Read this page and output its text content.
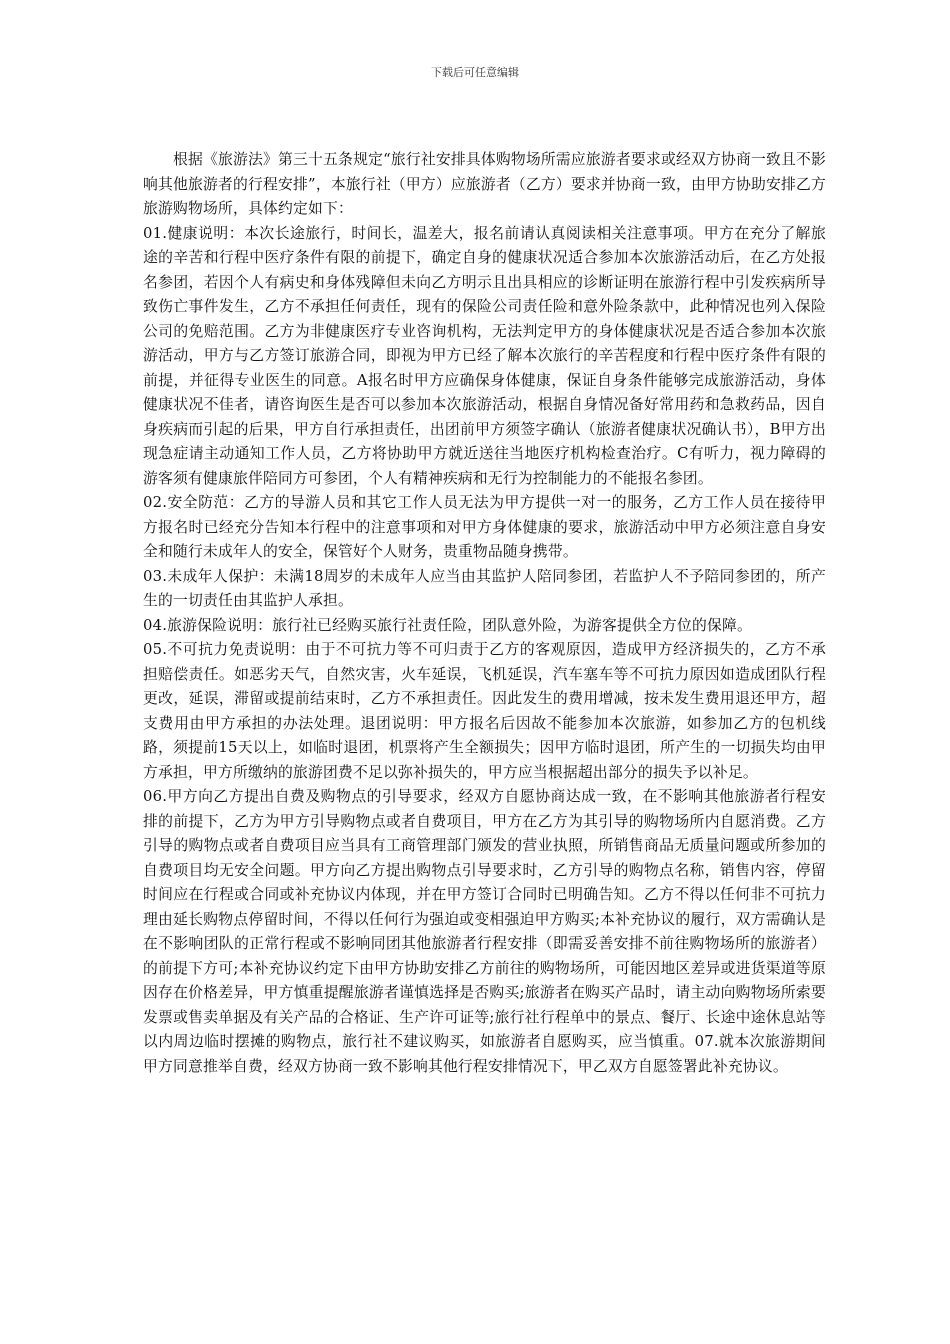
下载后可任意编辑

根据《旅游法》第三十五条规定“旅行社安排具体购物场所需应旅游者要求或经双方协商一致且不影响其他旅游者的行程安排”，本旅行社（甲方）应旅游者（乙方）要求并协商一致，由甲方协助安排乙方旅游购物场所，具体约定如下：

01.健康说明：本次长途旅行，时间长，温差大，报名前请认真阅读相关注意事项。甲方在充分了解旅途的辛苦和行程中医疗条件有限的前提下，确定自身的健康状况适合参加本次旅游活动后，在乙方处报名参团，若因个人有病史和身体残障但未向乙方明示且出具相应的诊断证明在旅游行程中引发疾病所导致伤亡事件发生，乙方不承担任何责任，现有的保险公司责任险和意外险条款中，此种情况也列入保险公司的免赔范围。乙方为非健康医疗专业咨询机构，无法判定甲方的身体健康状况是否适合参加本次旅游活动，甲方与乙方签订旅游合同，即视为甲方已经了解本次旅行的辛苦程度和行程中医疗条件有限的前提，并征得专业医生的同意。A报名时甲方应确保身体健康，保证自身条件能够完成旅游活动，身体健康状况不佳者，请咨询医生是否可以参加本次旅游活动，根据自身情况备好常用药和急救药品，因自身疾病而引起的后果，甲方自行承担责任，出团前甲方须签字确认（旅游者健康状况确认书），B甲方出现急症请主动通知工作人员，乙方将协助甲方就近送往当地医疗机构检查治疗。C有听力，视力障碍的游客须有健康旅伴陪同方可参团，个人有精神疾病和无行为控制能力的不能报名参团。

02.安全防范：乙方的导游人员和其它工作人员无法为甲方提供一对一的服务，乙方工作人员在接待甲方报名时已经充分告知本行程中的注意事项和对甲方身体健康的要求，旅游活动中甲方必须注意自身安全和随行未成年人的安全，保管好个人财务，贵重物品随身携带。

03.未成年人保护：未满18周岁的未成年人应当由其监护人陪同参团，若监护人不予陪同参团的，所产生的一切责任由其监护人承担。

04.旅游保险说明：旅行社已经购买旅行社责任险，团队意外险，为游客提供全方位的保障。

05.不可抗力免责说明：由于不可抗力等不可归责于乙方的客观原因，造成甲方经济损失的，乙方不承担赔偿责任。如恶劣天气，自然灾害，火车延误，飞机延误，汽车塞车等不可抗力原因如造成团队行程更改，延误，滞留或提前结束时，乙方不承担责任。因此发生的费用增减，按未发生费用退还甲方，超支费用由甲方承担的办法处理。退团说明：甲方报名后因故不能参加本次旅游，如参加乙方的包机线路，须提前15天以上，如临时退团，机票将产生全额损失；因甲方临时退团，所产生的一切损失均由甲方承担，甲方所缴纳的旅游团费不足以弥补损失的，甲方应当根据超出部分的损失予以补足。

06.甲方向乙方提出自费及购物点的引导要求，经双方自愿协商达成一致，在不影响其他旅游者行程安排的前提下，乙方为甲方引导购物点或者自费项目，甲方在乙方为其引导的购物场所内自愿消费。乙方引导的购物点或者自费项目应当具有工商管理部门颁发的营业执照，所销售商品无质量问题或所参加的自费项目均无安全问题。甲方向乙方提出购物点引导要求时，乙方引导的购物点名称，销售内容，停留时间应在行程或合同或补充协议内体现，并在甲方签订合同时已明确告知。乙方不得以任何非不可抗力理由延长购物点停留时间，不得以任何行为强迫或变相强迫甲方购买;本补充协议的履行，双方需确认是在不影响团队的正常行程或不影响同团其他旅游者行程安排（即需妥善安排不前往购物场所的旅游者）的前提下方可;本补充协议约定下由甲方协助安排乙方前往的购物场所，可能因地区差异或进货渠道等原因存在价格差异，甲方慎重提醒旅游者谨慎选择是否购买;旅游者在购买产品时，请主动向购物场所索要发票或售卖单据及有关产品的合格证、生产许可证等;旅行社行程单中的景点、餐厅、长途中途休息站等以内周边临时摆摊的购物点，旅行社不建议购买，如旅游者自愿购买，应当慎重。07.就本次旅游期间甲方同意推举自费，经双方协商一致不影响其他行程安排情况下，甲乙双方自愿签署此补充协议。
